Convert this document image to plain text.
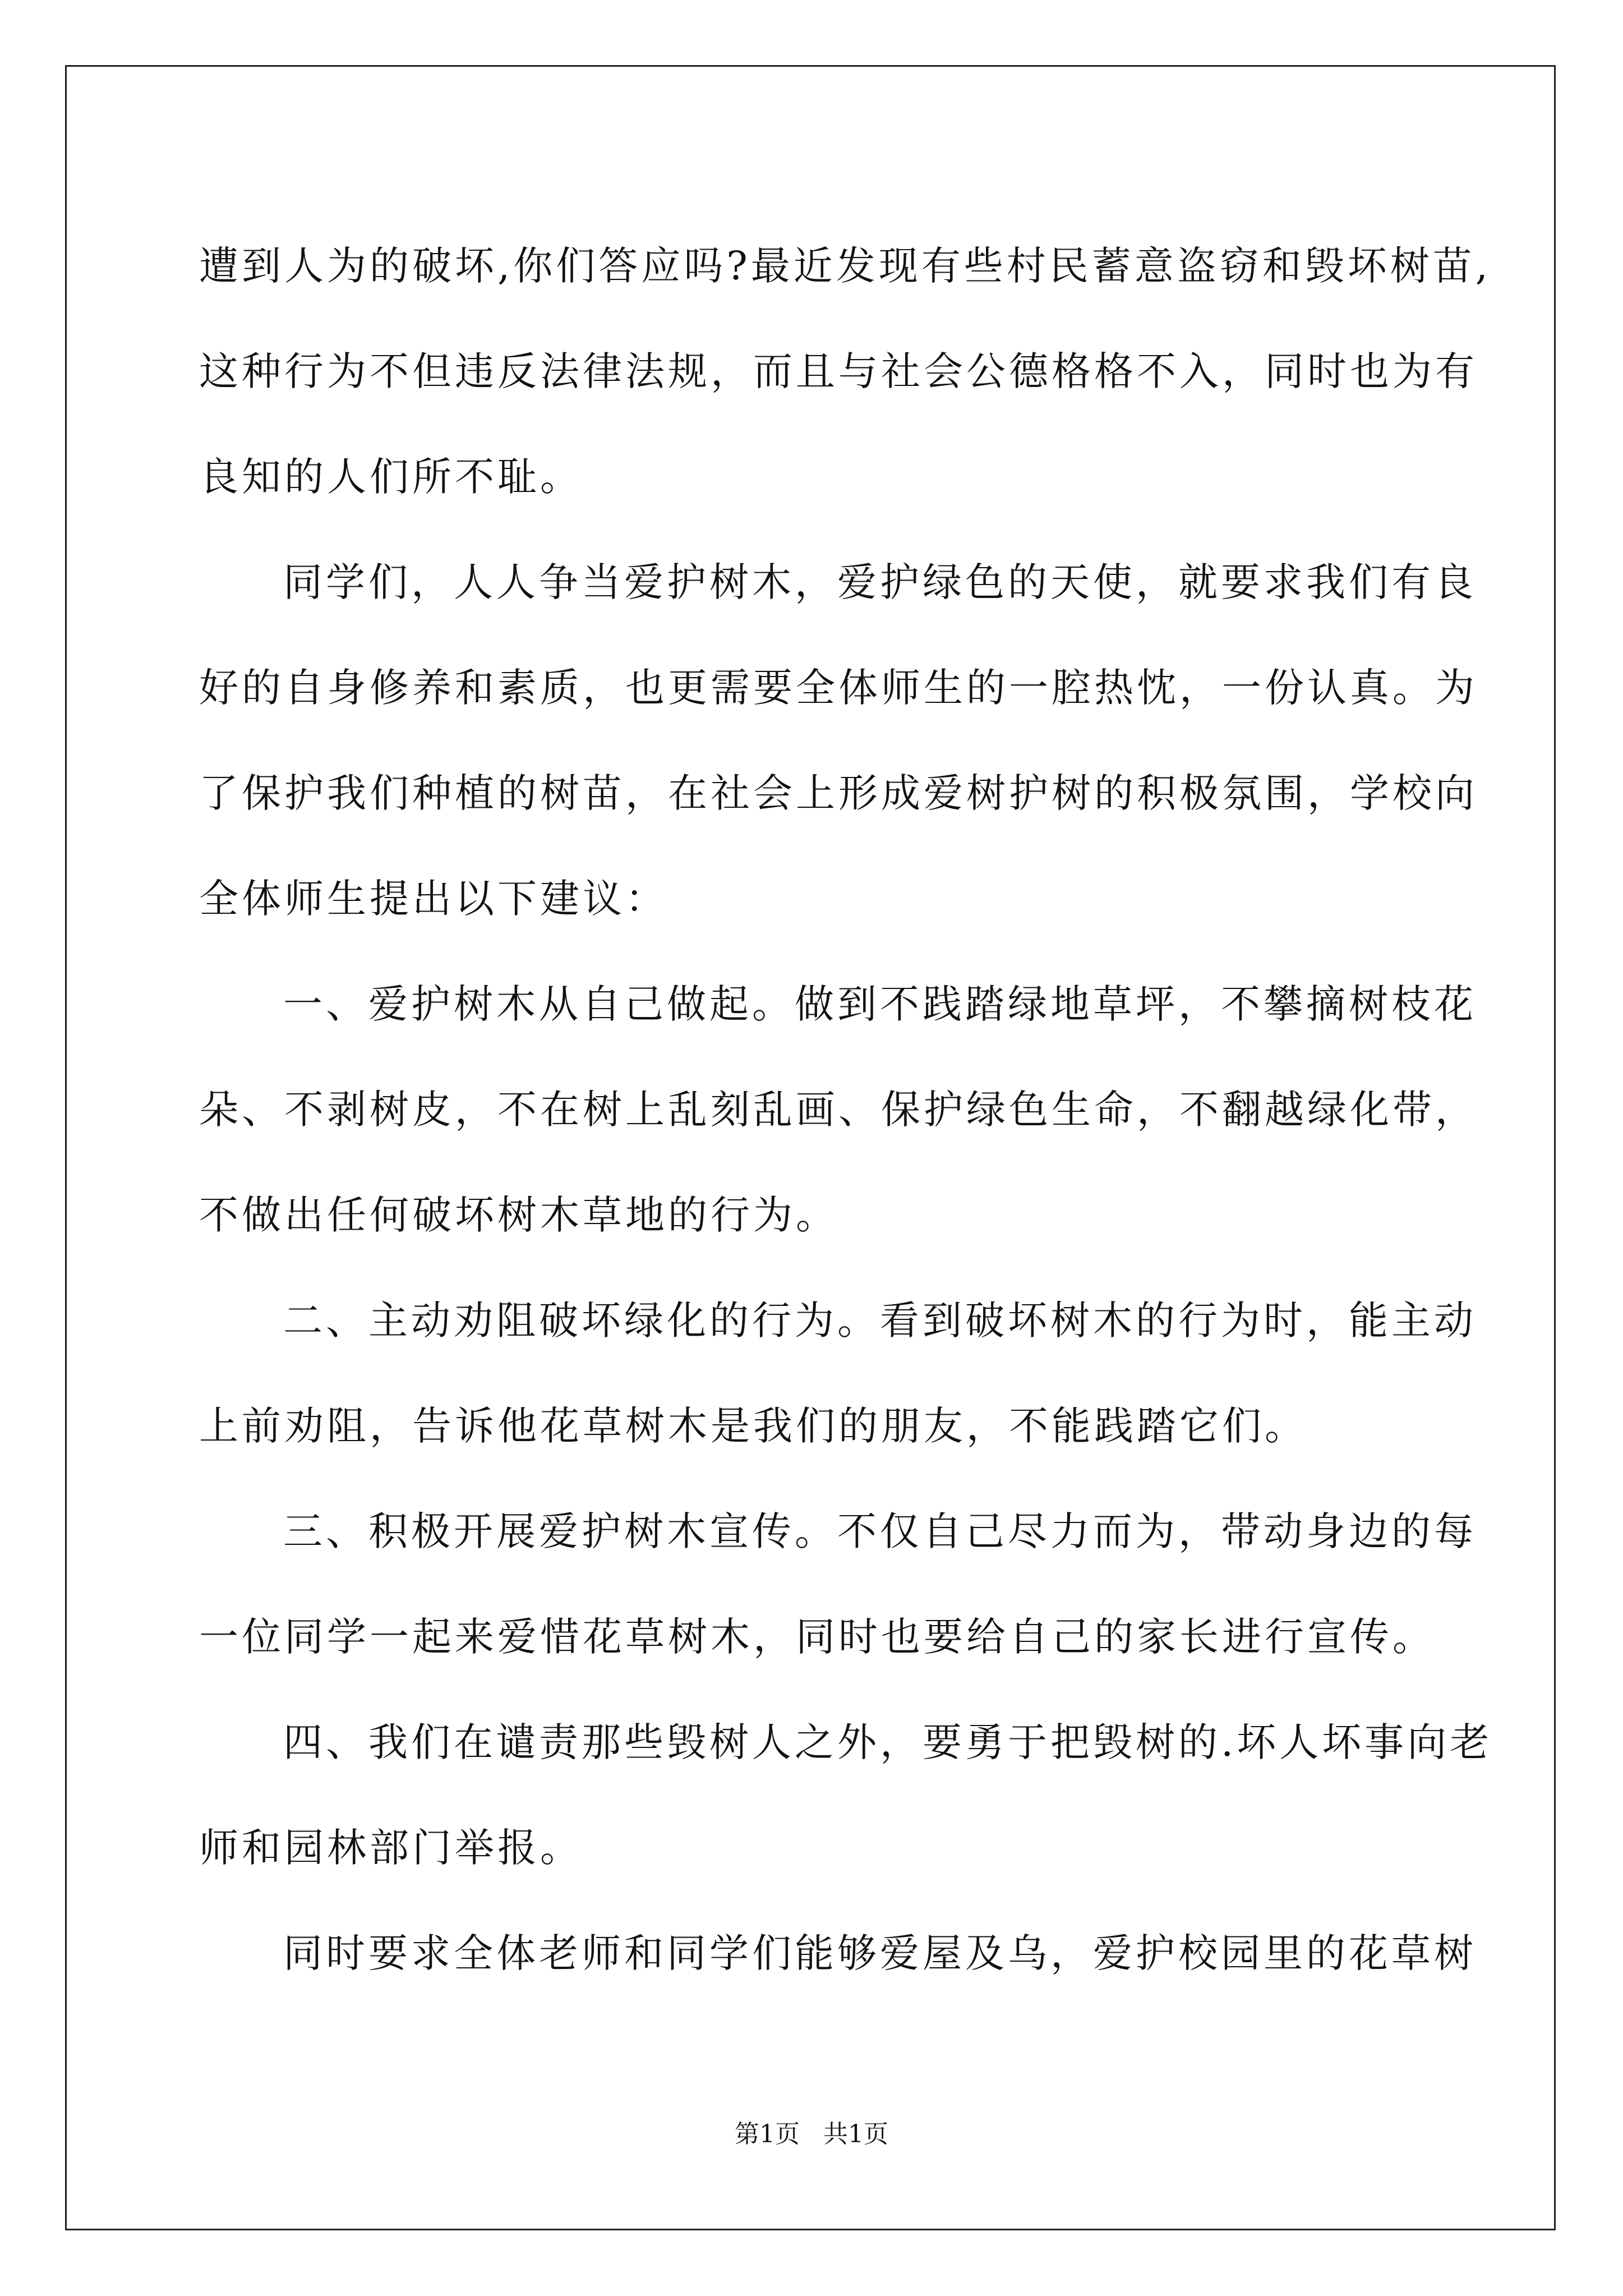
遭到人为的破坏,你们答应吗?最近发现有些村民蓄意盗窃和毁坏树苗,
这种行为不但违反法律法规，而且与社会公德格格不入，同时也为有
良知的人们所不耻。
同学们，人人争当爱护树木，爱护绿色的天使，就要求我们有良
好的自身修养和素质，也更需要全体师生的一腔热忱，一份认真。为
了保护我们种植的树苗，在社会上形成爱树护树的积极氛围，学校向
全体师生提出以下建议：
一、爱护树木从自己做起。做到不践踏绿地草坪，不攀摘树枝花
朵、不剥树皮，不在树上乱刻乱画、保护绿色生命，不翻越绿化带，
不做出任何破坏树木草地的行为。
二、主动劝阻破坏绿化的行为。看到破坏树木的行为时，能主动
上前劝阻，告诉他花草树木是我们的朋友，不能践踏它们。
三、积极开展爱护树木宣传。不仅自己尽力而为，带动身边的每
一位同学一起来爱惜花草树木，同时也要给自己的家长进行宣传。
四、我们在谴责那些毁树人之外，要勇于把毁树的.坏人坏事向老
师和园林部门举报。
同时要求全体老师和同学们能够爱屋及乌，爱护校园里的花草树
第1页   共1页
